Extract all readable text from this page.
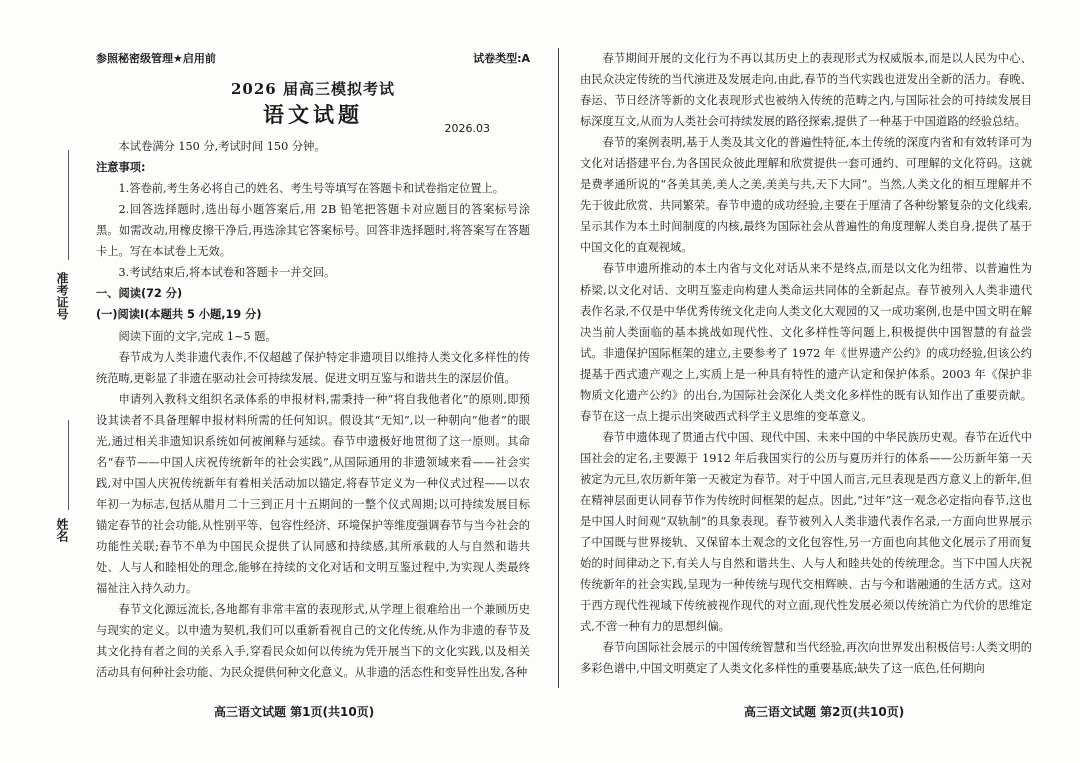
准考证号
姓名
参照秘密级管理★启用前	试卷类型:A
2026 届高三模拟考试
语文试题
2026.03

本试卷满分 150 分,考试时间 150 分钟。

注意事项:

1.答卷前,考生务必将自己的姓名、考生号等填写在答题卡和试卷指定位置上。

2.回答选择题时,选出每小题答案后,用 2B 铅笔把答题卡对应题目的答案标号涂黑。如需改动,用橡皮擦干净后,再选涂其它答案标号。回答非选择题时,将答案写在答题卡上。写在本试卷上无效。

3.考试结束后,将本试卷和答题卡一并交回。

一、阅读(72 分)

(一)阅读Ⅰ(本题共 5 小题,19 分)

阅读下面的文字,完成 1~5 题。

春节成为人类非遗代表作,不仅超越了保护特定非遗项目以维持人类文化多样性的传统范畴,更彰显了非遗在驱动社会可持续发展、促进文明互鉴与和谐共生的深层价值。

申请列入教科文组织名录体系的申报材料,需秉持一种“将自我他者化”的原则,即预设其读者不具备理解申报材料所需的任何知识。假设其“无知”,以一种朝向“他者”的眼光,通过相关非遗知识系统如何被阐释与延续。春节申遗极好地贯彻了这一原则。其命名“春节——中国人庆祝传统新年的社会实践”,从国际通用的非遗领域来看——社会实践,对中国人庆祝传统新年有着相关活动加以锚定,将春节定义为一种仪式过程——以农年初一为标志,包括从腊月二十三到正月十五期间的一整个仪式周期;以可持续发展目标锚定春节的社会功能,从性别平等、包容性经济、环境保护等维度强调春节与当今社会的功能性关联;春节不单为中国民众提供了认同感和持续感,其所承载的人与自然和谐共处、人与人和睦相处的理念,能够在持续的文化对话和文明互鉴过程中,为实现人类最终福祉注入持久动力。

春节文化源远流长,各地都有非常丰富的表现形式,从学理上很难给出一个兼顾历史与现实的定义。以申遗为契机,我们可以重新看视自己的文化传统,从作为非遗的春节及其文化持有者之间的关系入手,穿看民众如何以传统为凭开展当下的文化实践,以及相关活动具有何种社会功能、为民众提供何种文化意义。从非遗的活态性和变异性出发,各种

春节期间开展的文化行为不再以其历史上的表现形式为权威版本,而是以人民为中心、由民众决定传统的当代演进及发展走向,由此,春节的当代实践也迸发出全新的活力。春晚、春运、节日经济等新的文化表现形式也被纳入传统的范畴之内,与国际社会的可持续发展目标深度互文,从而为人类社会可持续发展的路径探索,提供了一种基于中国道路的经验总结。

春节的案例表明,基于人类及其文化的普遍性特征,本土传统的深度内省和有效转译可为文化对话搭建平台,为各国民众彼此理解和欣赏提供一套可通约、可理解的文化符码。这就是费孝通所说的“各美其美,美人之美,美美与共,天下大同”。当然,人类文化的相互理解并不先于彼此欣赏、共同繁荣。春节申遗的成功经验,主要在于厘清了各种纷繁复杂的文化线索,呈示其作为本土时间制度的内核,最终为国际社会从普遍性的角度理解人类自身,提供了基于中国文化的直观视域。

春节申遗所推动的本土内省与文化对话从来不是终点,而是以文化为纽带、以普遍性为桥梁,以文化对话、文明互鉴走向构建人类命运共同体的全新起点。春节被列入人类非遗代表作名录,不仅是中华优秀传统文化走向人类文化大观园的又一成功案例,也是中国文明在解决当前人类面临的基本挑战如现代性、文化多样性等问题上,积极提供中国智慧的有益尝试。非遗保护国际框架的建立,主要参考了 1972 年《世界遗产公约》的成功经验,但该公约提基于西式遗产观之上,实质上是一种具有特性的遗产认定和保护体系。2003 年《保护非物质文化遗产公约》的出台,为国际社会深化人类文化多样性的既有认知作出了重要贡献。春节在这一点上提示出突破西式科学主义思维的变革意义。

春节申遗体现了贯通古代中国、现代中国、未来中国的中华民族历史观。春节在近代中国社会的定名,主要源于 1912 年后我国实行的公历与夏历并行的体系——公历新年第一天被定为元旦,农历新年第一天被定为春节。对于中国人而言,元旦表现是西方意义上的新年,但在精神层面更认同春节作为传统时间框架的起点。因此,“过年”这一观念必定指向春节,这也是中国人时间观“双轨制”的具象表现。春节被列入人类非遗代表作名录,一方面向世界展示了中国既与世界接轨、又保留本土观念的文化包容性,另一方面也向其他文化展示了用而复始的时间律动之下,有关人与自然和谐共生、人与人和睦共处的传统理念。当下中国人庆祝传统新年的社会实践,呈现为一种传统与现代交相辉映、古与今和谐融通的生活方式。这对于西方现代性视域下传统被视作现代的对立面,现代性发展必须以传统消亡为代价的思维定式,不啻一种有力的思想纠偏。

春节向国际社会展示的中国传统智慧和当代经验,再次向世界发出积极信号:人类文明的多彩色谱中,中国文明奠定了人类文化多样性的重要基底;缺失了这一底色,任何期向

高三语文试题 第1页(共10页)	高三语文试题 第2页(共10页)
